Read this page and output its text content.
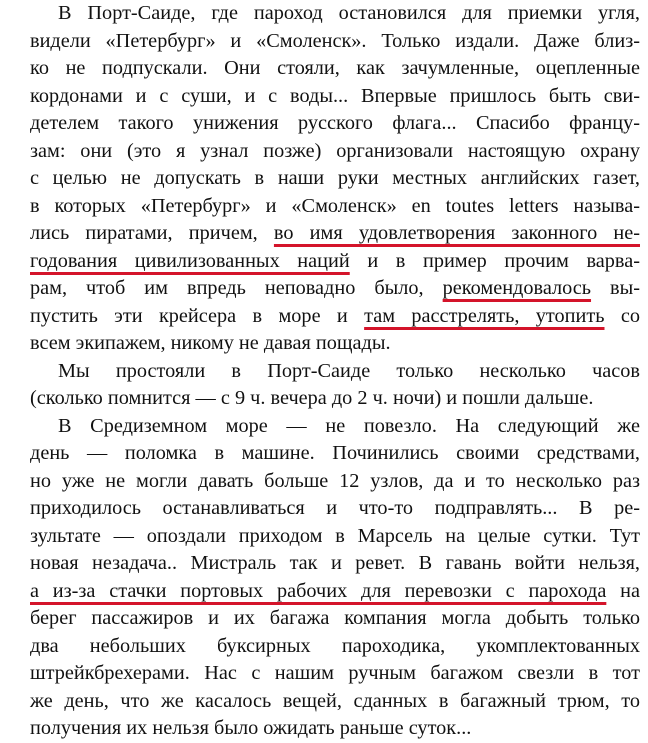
В Порт-Саиде, где пароход остановился для приемки угля,
видели «Петербург» и «Смоленск». Только издали. Даже близ-
ко не подпускали. Они стояли, как зачумленные, оцепленные
кордонами и с суши, и с воды... Впервые пришлось быть сви-
детелем такого унижения русского флага... Спасибо францу-
зам: они (это я узнал позже) организовали настоящую охрану
с целью не допускать в наши руки местных английских газет,
в которых «Петербург» и «Смоленск» en toutes letters называ-
лись пиратами, причем, во имя удовлетворения законного не-
годования цивилизованных наций и в пример прочим варва-
рам, чтоб им впредь неповадно было, рекомендовалось вы-
пустить эти крейсера в море и там расстрелять, утопить со
всем экипажем, никому не давая пощады.
Мы простояли в Порт-Саиде только несколько часов
(сколько помнится — с 9 ч. вечера до 2 ч. ночи) и пошли дальше.
В Средиземном море — не повезло. На следующий же
день — поломка в машине. Починились своими средствами,
но уже не могли давать больше 12 узлов, да и то несколько раз
приходилось останавливаться и что-то подправлять... В ре-
зультате — опоздали приходом в Марсель на целые сутки. Тут
новая незадача.. Мистраль так и ревет. В гавань войти нельзя,
а из-за стачки портовых рабочих для перевозки с парохода на
берег пассажиров и их багажа компания могла добыть только
два небольших буксирных пароходика, укомплектованных
штрейкбрехерами. Нас с нашим ручным багажом свезли в тот
же день, что же касалось вещей, сданных в багажный трюм, то
получения их нельзя было ожидать раньше суток...
